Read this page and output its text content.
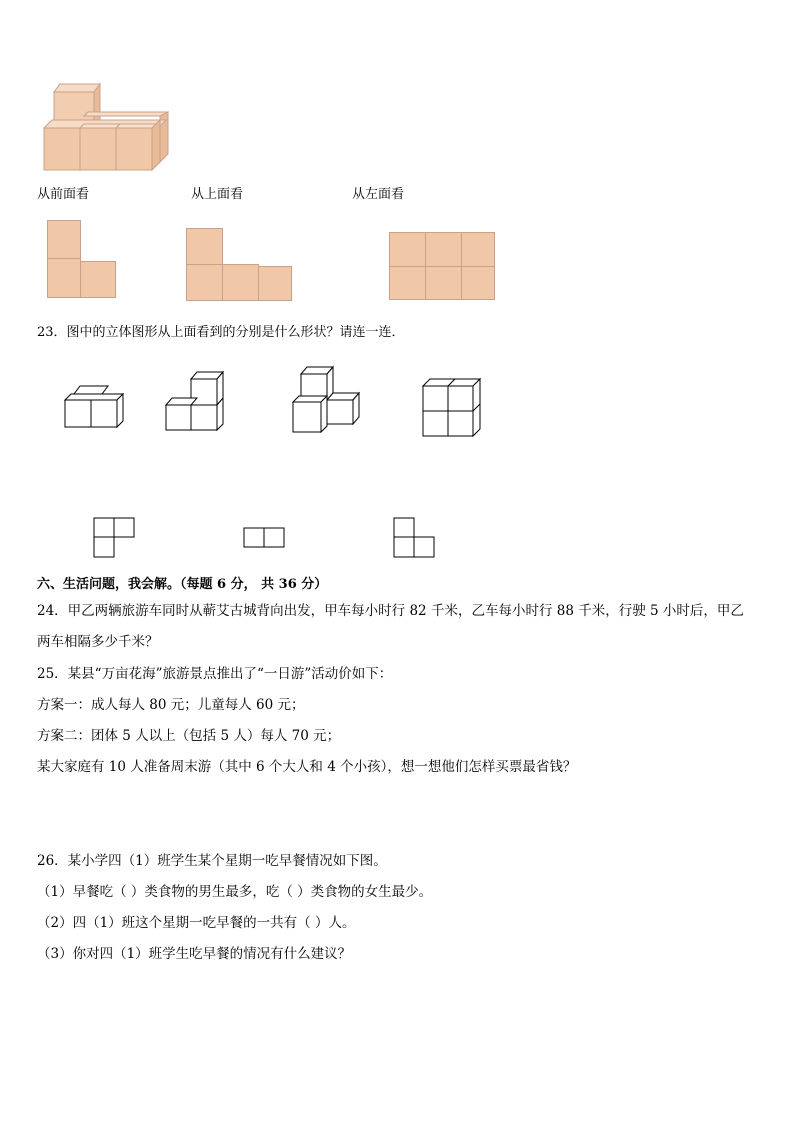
从前面看	从上面看	从左面看
23．图中的立体图形从上面看到的分别是什么形状？请连一连．
六、生活问题，我会解。（每题 6 分， 共 36 分）
24．甲乙两辆旅游车同时从蕲艾古城背向出发，甲车每小时行 82 千米，乙车每小时行 88 千米，行驶 5 小时后，甲乙
两车相隔多少千米？
25．某县“万亩花海”旅游景点推出了“一日游”活动价如下：
方案一：成人每人 80 元；儿童每人 60 元；
方案二：团体 5 人以上（包括 5 人）每人 70 元；
某大家庭有 10 人准备周末游（其中 6 个大人和 4 个小孩），想一想他们怎样买票最省钱？
26．某小学四（1）班学生某个星期一吃早餐情况如下图。
（1）早餐吃（ ）类食物的男生最多，吃（ ）类食物的女生最少。
（2）四（1）班这个星期一吃早餐的一共有（ ）人。
（3）你对四（1）班学生吃早餐的情况有什么建议？
